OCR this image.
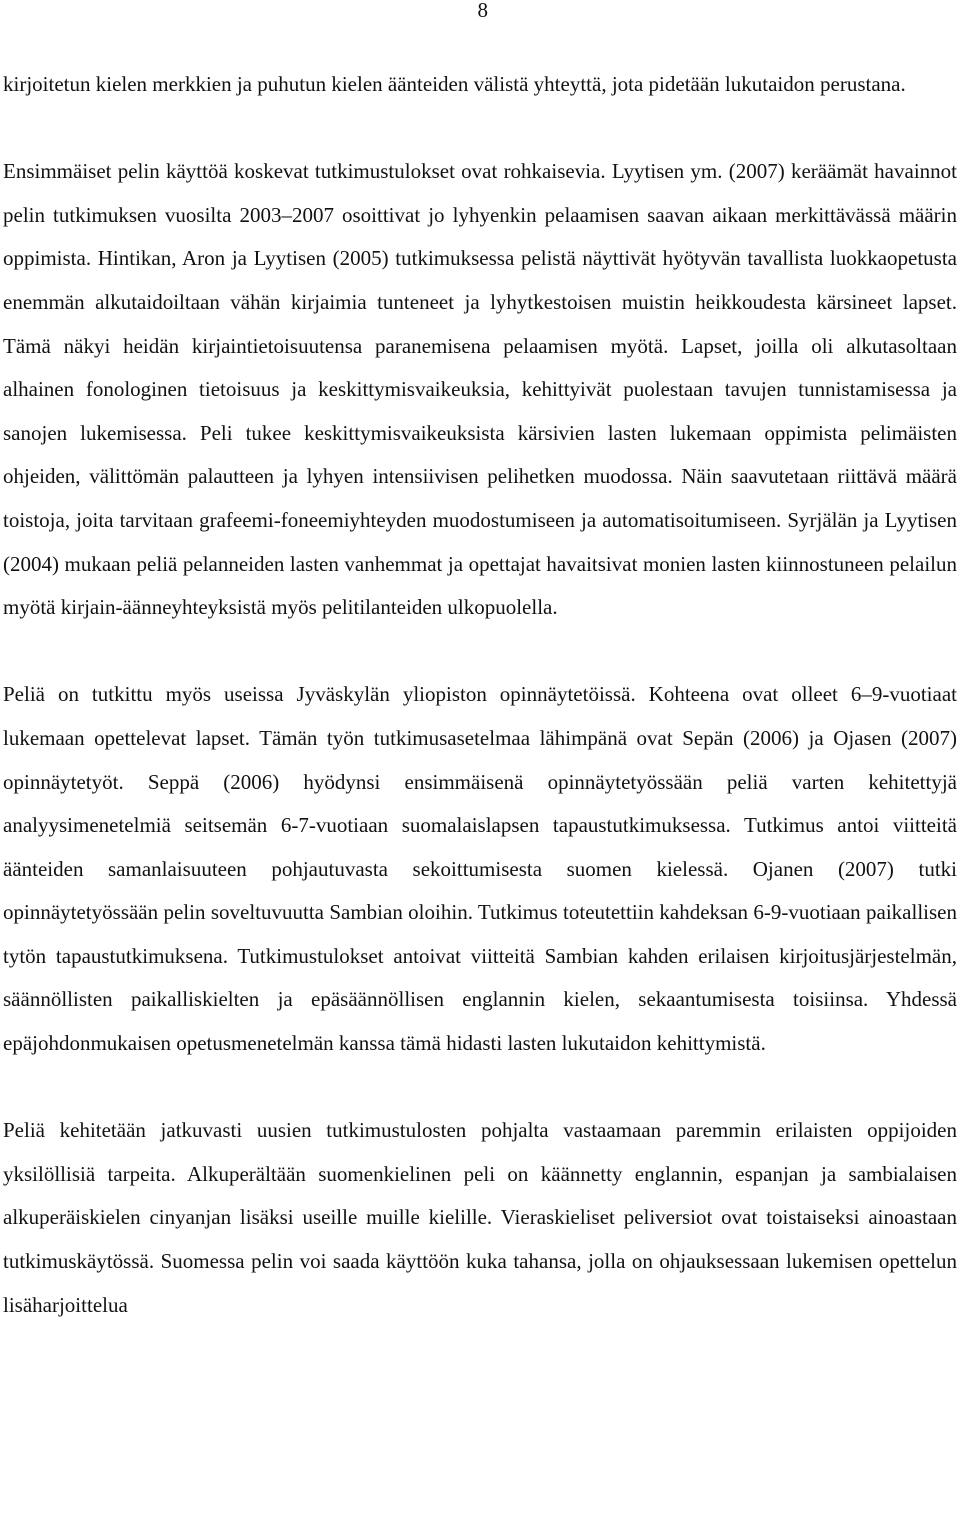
8

kirjoitetun kielen merkkien ja puhutun kielen äänteiden välistä yhteyttä, jota pidetään lukutaidon perustana.

Ensimmäiset pelin käyttöä koskevat tutkimustulokset ovat rohkaisevia. Lyytisen ym. (2007) keräämät havainnot pelin tutkimuksen vuosilta 2003–2007 osoittivat jo lyhyenkin pelaamisen saavan aikaan merkittävässä määrin oppimista. Hintikan, Aron ja Lyytisen (2005) tutkimuksessa pelistä näyttivät hyötyvän tavallista luokkaopetusta enemmän alkutaidoiltaan vähän kirjaimia tunteneet ja lyhytkestoisen muistin heikkoudesta kärsineet lapset. Tämä näkyi heidän kirjaintietoisuutensa paranemisena pelaamisen myötä. Lapset, joilla oli alkutasoltaan alhainen fonologinen tietoisuus ja keskittymisvaikeuksia, kehittyivät puolestaan tavujen tunnistamisessa ja sanojen lukemisessa. Peli tukee keskittymisvaikeuksista kärsivien lasten lukemaan oppimista pelimäisten ohjeiden, välittömän palautteen ja lyhyen intensiivisen pelihetken muodossa. Näin saavutetaan riittävä määrä toistoja, joita tarvitaan grafeemi-foneemiyhteyden muodostumiseen ja automatisoitumiseen. Syrjälän ja Lyytisen (2004) mukaan peliä pelanneiden lasten vanhemmat ja opettajat havaitsivat monien lasten kiinnostuneen pelailun myötä kirjain-äänneyhteyksistä myös pelitilanteiden ulkopuolella.

Peliä on tutkittu myös useissa Jyväskylän yliopiston opinnäytetöissä. Kohteena ovat olleet 6–9-vuotiaat lukemaan opettelevat lapset. Tämän työn tutkimusasetelmaa lähimpänä ovat Sepän (2006) ja Ojasen (2007) opinnäytetyöt. Seppä (2006) hyödynsi ensimmäisenä opinnäytetyössään peliä varten kehitettyjä analyysimenetelmiä seitsemän 6-7-vuotiaan suomalaislapsen tapaustutkimuksessa. Tutkimus antoi viitteitä äänteiden samanlaisuuteen pohjautuvasta sekoittumisesta suomen kielessä. Ojanen (2007) tutki opinnäytetyössään pelin soveltuvuutta Sambian oloihin. Tutkimus toteutettiin kahdeksan 6-9-vuotiaan paikallisen tytön tapaustutkimuksena. Tutkimustulokset antoivat viitteitä Sambian kahden erilaisen kirjoitusjärjestelmän, säännöllisten paikalliskielten ja epäsäännöllisen englannin kielen, sekaantumisesta toisiinsa. Yhdessä epäjohdonmukaisen opetusmenetelmän kanssa tämä hidasti lasten lukutaidon kehittymistä.

Peliä kehitetään jatkuvasti uusien tutkimustulosten pohjalta vastaamaan paremmin erilaisten oppijoiden yksilöllisiä tarpeita. Alkuperältään suomenkielinen peli on käännetty englannin, espanjan ja sambialaisen alkuperäiskielen cinyanjan lisäksi useille muille kielille. Vieraskieliset peliversiot ovat toistaiseksi ainoastaan tutkimuskäytössä. Suomessa pelin voi saada käyttöön kuka tahansa, jolla on ohjauksessaan lukemisen opettelun lisäharjoittelua
